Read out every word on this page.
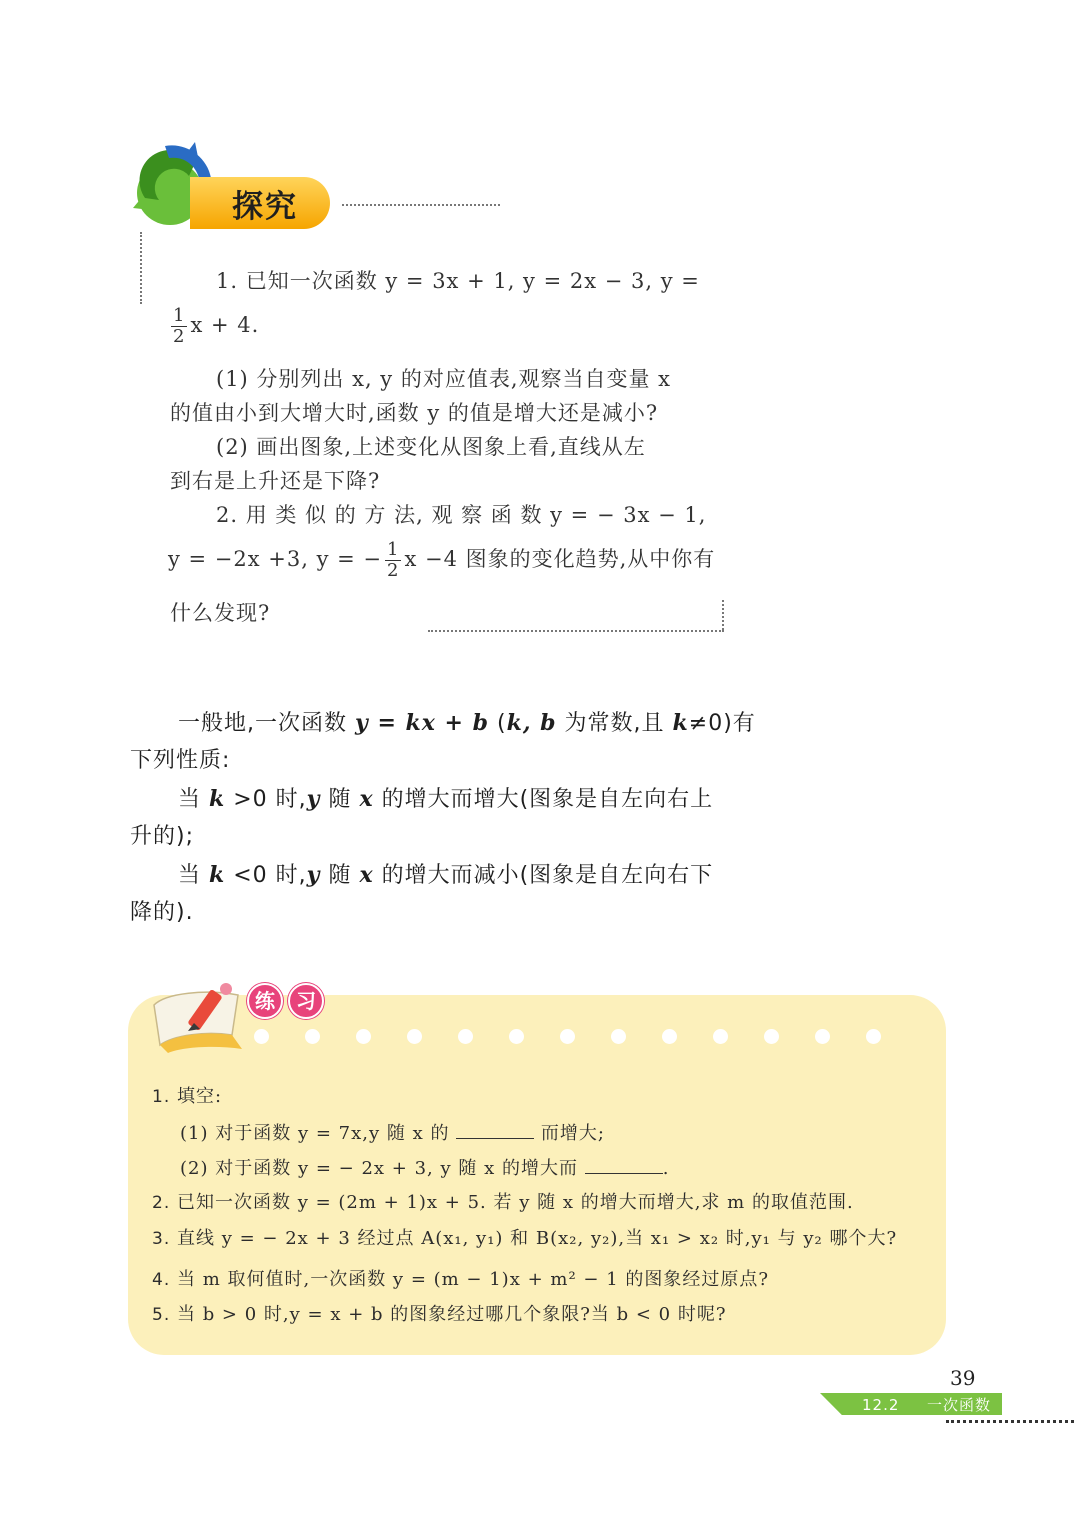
探究
1. 已知一次函数 y = 3x + 1, y = 2x − 3, y =
$\frac{1}{2}$ x + 4.
(1) 分别列出 x, y 的对应值表,观察当自变量 x
的值由小到大增大时,函数 y 的值是增大还是减小?
(2) 画出图象,上述变化从图象上看,直线从左
到右是上升还是下降?
2. 用 类 似 的 方 法, 观 察 函 数 y = − 3x − 1,
y = −2x +3, y = − $\frac{1}{2}$ x −4 图象的变化趋势,从中你有
什么发现?
一般地,一次函数 y = kx + b (k, b 为常数,且 k≠0)有
下列性质:
当 k >0 时,y 随 x 的增大而增大(图象是自左向右上
升的);
当 k <0 时,y 随 x 的增大而减小(图象是自左向右下
降的).
练	习
1. 填空:
(1) 对于函数 y = 7x,y 随 x 的	而增大;
(2) 对于函数 y = − 2x + 3, y 随 x 的增大而	.
2. 已知一次函数 y = (2m + 1)x + 5. 若 y 随 x 的增大而增大,求 m 的取值范围.
3. 直线 y = − 2x + 3 经过点 A(x₁, y₁) 和 B(x₂, y₂),当 x₁ > x₂ 时,y₁ 与 y₂ 哪个大?
4. 当 m 取何值时,一次函数 y = (m − 1)x + m² − 1 的图象经过原点?
5. 当 b > 0 时,y = x + b 的图象经过哪几个象限?当 b < 0 时呢?
39
12.2 一次函数
